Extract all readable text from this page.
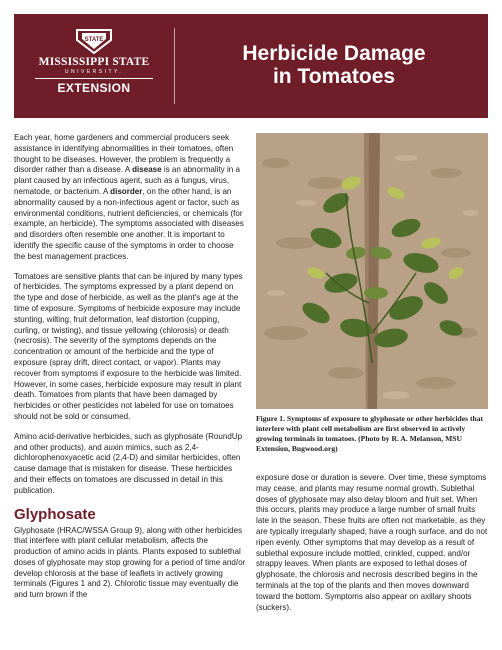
STATE
MISSISSIPPI STATE
UNIVERSITY.
EXTENSION
Herbicide Damage
in Tomatoes

Each year, home gardeners and commercial producers seek assistance in identifying abnormalities in their tomatoes, often thought to be diseases. However, the problem is frequently a disorder rather than a disease. A disease is an abnormality in a plant caused by an infectious agent, such as a fungus, virus, nematode, or bacterium. A disorder, on the other hand, is an abnormality caused by a non-infectious agent or factor, such as environmental conditions, nutrient deficiencies, or chemicals (for example, an herbicide). The symptoms associated with diseases and disorders often resemble one another. It is important to identify the specific cause of the symptoms in order to choose the best management practices.

Tomatoes are sensitive plants that can be injured by many types of herbicides. The symptoms expressed by a plant depend on the type and dose of herbicide, as well as the plant's age at the time of exposure. Symptoms of herbicide exposure may include stunting, wilting, fruit deformation, leaf distortion (cupping, curling, or twisting), and tissue yellowing (chlorosis) or death (necrosis). The severity of the symptoms depends on the concentration or amount of the herbicide and the type of exposure (spray drift, direct contact, or vapor). Plants may recover from symptoms if exposure to the herbicide was limited. However, in some cases, herbicide exposure may result in plant death. Tomatoes from plants that have been damaged by herbicides or other pesticides not labeled for use on tomatoes should not be sold or consumed.

Amino acid-derivative herbicides, such as glyphosate (RoundUp and other products), and auxin mimics, such as 2,4-dichlorophenoxyacetic acid (2,4-D) and similar herbicides, often cause damage that is mistaken for disease. These herbicides and their effects on tomatoes are discussed in detail in this publication.

Glyphosate

Glyphosate (HRAC/WSSA Group 9), along with other herbicides that interfere with plant cellular metabolism, affects the production of amino acids in plants. Plants exposed to sublethal doses of glyphosate may stop growing for a period of time and/or develop chlorosis at the base of leaflets in actively growing terminals (Figures 1 and 2). Chlorotic tissue may eventually die and turn brown if the

Figure 1. Symptoms of exposure to glyphosate or other herbicides that interfere with plant cell metabolism are first observed in actively growing terminals in tomatoes. (Photo by R. A. Melanson, MSU Extension, Bugwood.org)

exposure dose or duration is severe. Over time, these symptoms may cease, and plants may resume normal growth. Sublethal doses of glyphosate may also delay bloom and fruit set. When this occurs, plants may produce a large number of small fruits late in the season. These fruits are often not marketable, as they are typically irregularly shaped, have a rough surface, and do not ripen evenly. Other symptoms that may develop as a result of sublethal exposure include mottled, crinkled, cupped, and/or strappy leaves. When plants are exposed to lethal doses of glyphosate, the chlorosis and necrosis described begins in the terminals at the top of the plants and then moves downward toward the bottom. Symptoms also appear on axillary shoots (suckers).
